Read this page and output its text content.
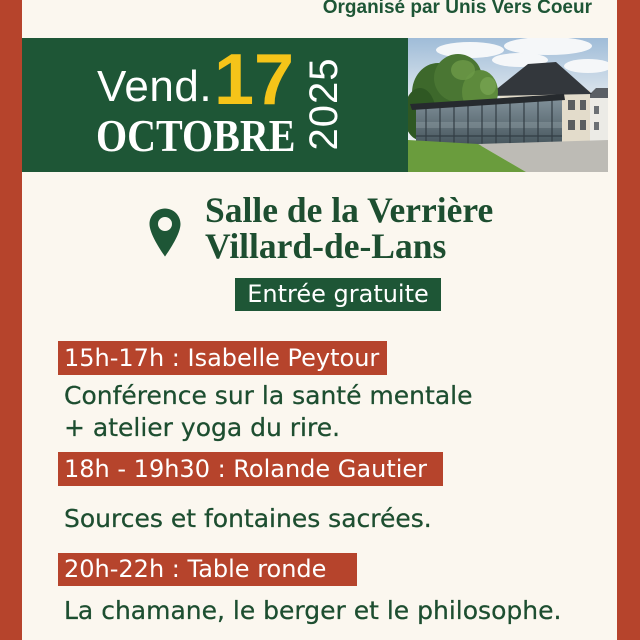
Organisé par Unis Vers Coeur
Vend. 17
OCTOBRE 2025
Salle de la Verrière
Villard-de-Lans
Entrée gratuite
15h-17h : Isabelle Peytour
Conférence sur la santé mentale
+ atelier yoga du rire.
18h - 19h30 : Rolande Gautier
Sources et fontaines sacrées.
20h-22h : Table ronde
La chamane, le berger et le philosophe.
